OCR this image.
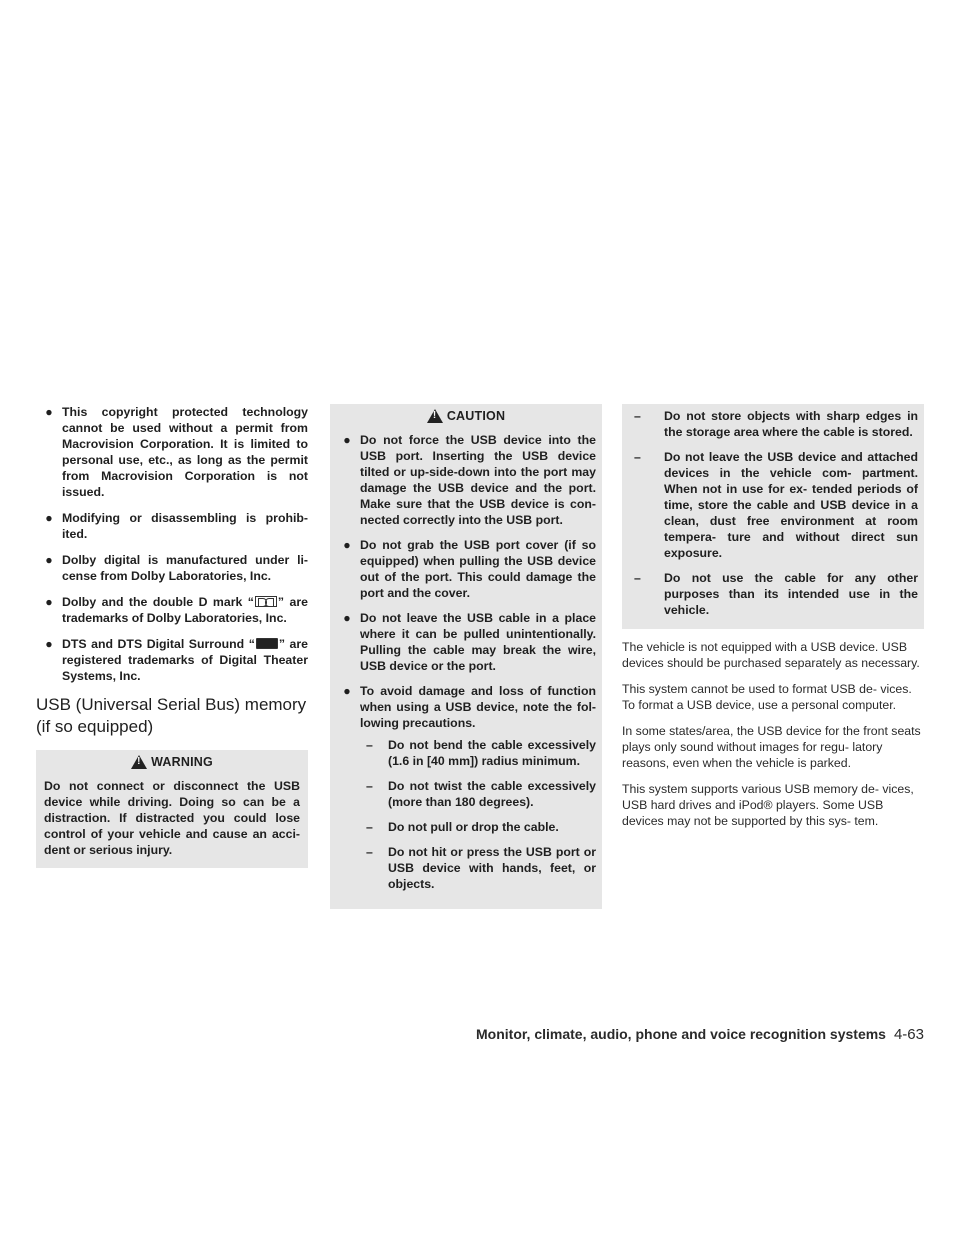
● This copyright protected technology cannot be used without a permit from Macrovision Corporation. It is limited to personal use, etc., as long as the permit from Macrovision Corporation is not issued.
● Modifying or disassembling is prohib- ited.
● Dolby digital is manufactured under li- cense from Dolby Laboratories, Inc.
● Dolby and the double D mark “ ” are trademarks of Dolby Laboratories, Inc.
● DTS and DTS Digital Surround “ ” are registered trademarks of Digital Theater Systems, Inc.
USB (Universal Serial Bus) memory (if so equipped)
!
WARNING
Do not connect or disconnect the USB device while driving. Doing so can be a distraction. If distracted you could lose control of your vehicle and cause an acci- dent or serious injury.
!
CAUTION
● Do not force the USB device into the USB port. Inserting the USB device tilted or up-side-down into the port may damage the USB device and the port. Make sure that the USB device is con- nected correctly into the USB port.
● Do not grab the USB port cover (if so equipped) when pulling the USB device out of the port. This could damage the port and the cover.
● Do not leave the USB cable in a place where it can be pulled unintentionally. Pulling the cable may break the wire, USB device or the port.
● To avoid damage and loss of function when using a USB device, note the fol- lowing precautions.
– Do not bend the cable excessively (1.6 in [40 mm]) radius minimum.
– Do not twist the cable excessively (more than 180 degrees).
– Do not pull or drop the cable.
– Do not hit or press the USB port or USB device with hands, feet, or objects.
– Do not store objects with sharp edges in the storage area where the cable is stored.
– Do not leave the USB device and attached devices in the vehicle com- partment. When not in use for ex- tended periods of time, store the cable and USB device in a clean, dust free environment at room tempera- ture and without direct sun exposure.
– Do not use the cable for any other purposes than its intended use in the vehicle.

The vehicle is not equipped with a USB device. USB devices should be purchased separately as necessary.

This system cannot be used to format USB de- vices. To format a USB device, use a personal computer.

In some states/area, the USB device for the front seats plays only sound without images for regu- latory reasons, even when the vehicle is parked.

This system supports various USB memory de- vices, USB hard drives and iPod® players. Some USB devices may not be supported by this sys- tem.

Monitor, climate, audio, phone and voice recognition systems 4-63
